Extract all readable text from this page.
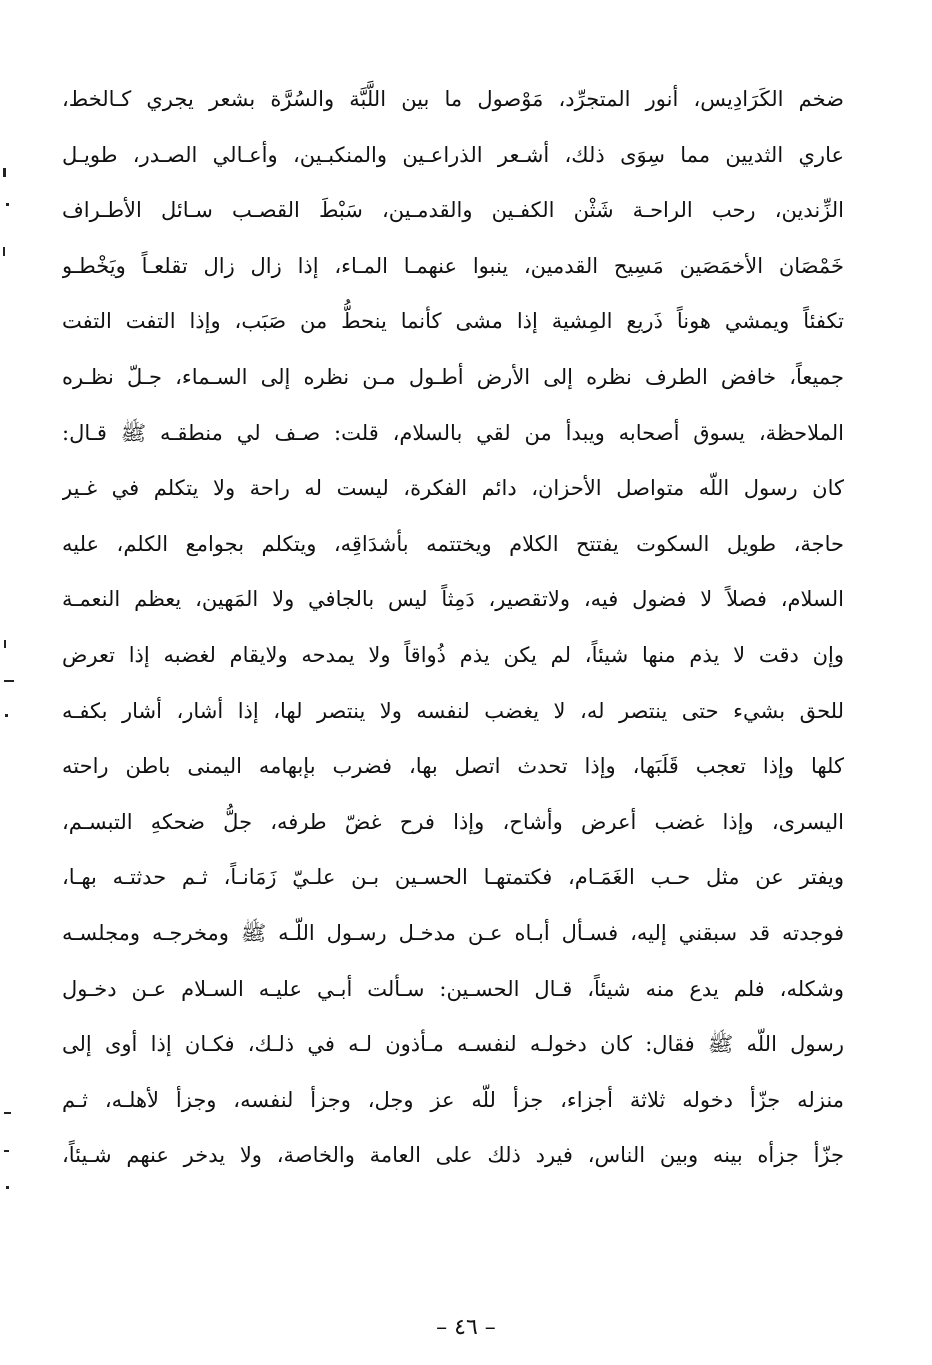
ضخم الكَرَادِيس، أنور المتجرِّد، مَوْصول ما بين اللَّبَّة والسُرَّة بشعر يجري كـالخط،
عاري الثديين مما سِوَى ذلك، أشـعر الذراعـين والمنكبـين، وأعـالي الصـدر، طويـل
الزِّندين، رحب الراحـة شَثْن الكفـين والقدمـين، سَبْطَ القصـب سـائل الأطـراف
خَمْصَان الأخمَصَين مَسِيح القدمين، ينبوا عنهمـا المـاء، إذا زال زال تقلعـاً ويَخْطـو
تكفئاً ويمشي هوناً ذَريع المِشية إذا مشى كأنما ينحطُّ من صَبَب، وإذا التفت التفت
جميعاً، خافض الطرف نظره إلى الأرض أطـول مـن نظره إلى السـماء، جـلّ نظـره
الملاحظة، يسوق أصحابه ويبدأ من لقي بالسلام، قلت: صـف لي منطقـه ﷺ قـال:
كان رسول اللّه متواصل الأحزان، دائم الفكرة، ليست له راحة ولا يتكلم في غـير
حاجة، طويل السكوت يفتتح الكلام ويختتمه بأشدَاقِه، ويتكلم بجوامع الكلم، عليه
السلام، فصلاً لا فضول فيه، ولاتقصير، دَمِثاً ليس بالجافي ولا المَهين، يعظم النعمـة
وإن دقت لا يذم منها شيئاً، لم يكن يذم ذُواقاً ولا يمدحه ولايقام لغضبه إذا تعرض
للحق بشيء حتى ينتصر له، لا يغضب لنفسه ولا ينتصر لها، إذا أشار، أشار بكفـه
كلها وإذا تعجب قَلَبَها، وإذا تحدث اتصل بها، فضرب بإبهامه اليمنى باطن راحته
اليسرى، وإذا غضب أعرض وأشاح، وإذا فرح غضّ طرفه، جلُّ ضحكهِ التبسـم،
ويفتر عن مثل حـب الغَمَـام، فكتمتهـا الحسـين بـن علـيّ زَمَانـاً، ثـم حدثتـه بهـا،
فوجدته قد سبقني إليه، فسـأل أبـاه عـن مدخـل رسـول اللّـه ﷺ ومخرجـه ومجلسـه
وشكله، فلم يدع منه شيئاً، قـال الحسـين: سـألت أبـي عليـه السـلام عـن دخـول
رسول اللّه ﷺ فقال: كان دخولـه لنفسـه مـأذون لـه في ذلـك، فكـان إذا أوى إلى
منزله جزّأ دخوله ثلاثة أجزاء، جزأ للّه عز وجل، وجزأ لنفسه، وجزأ لأهلـه، ثـم
جزّأ جزأه بينه وبين الناس، فيرد ذلك على العامة والخاصة، ولا يدخر عنهم شـيئاً،
– ٤٦ –
